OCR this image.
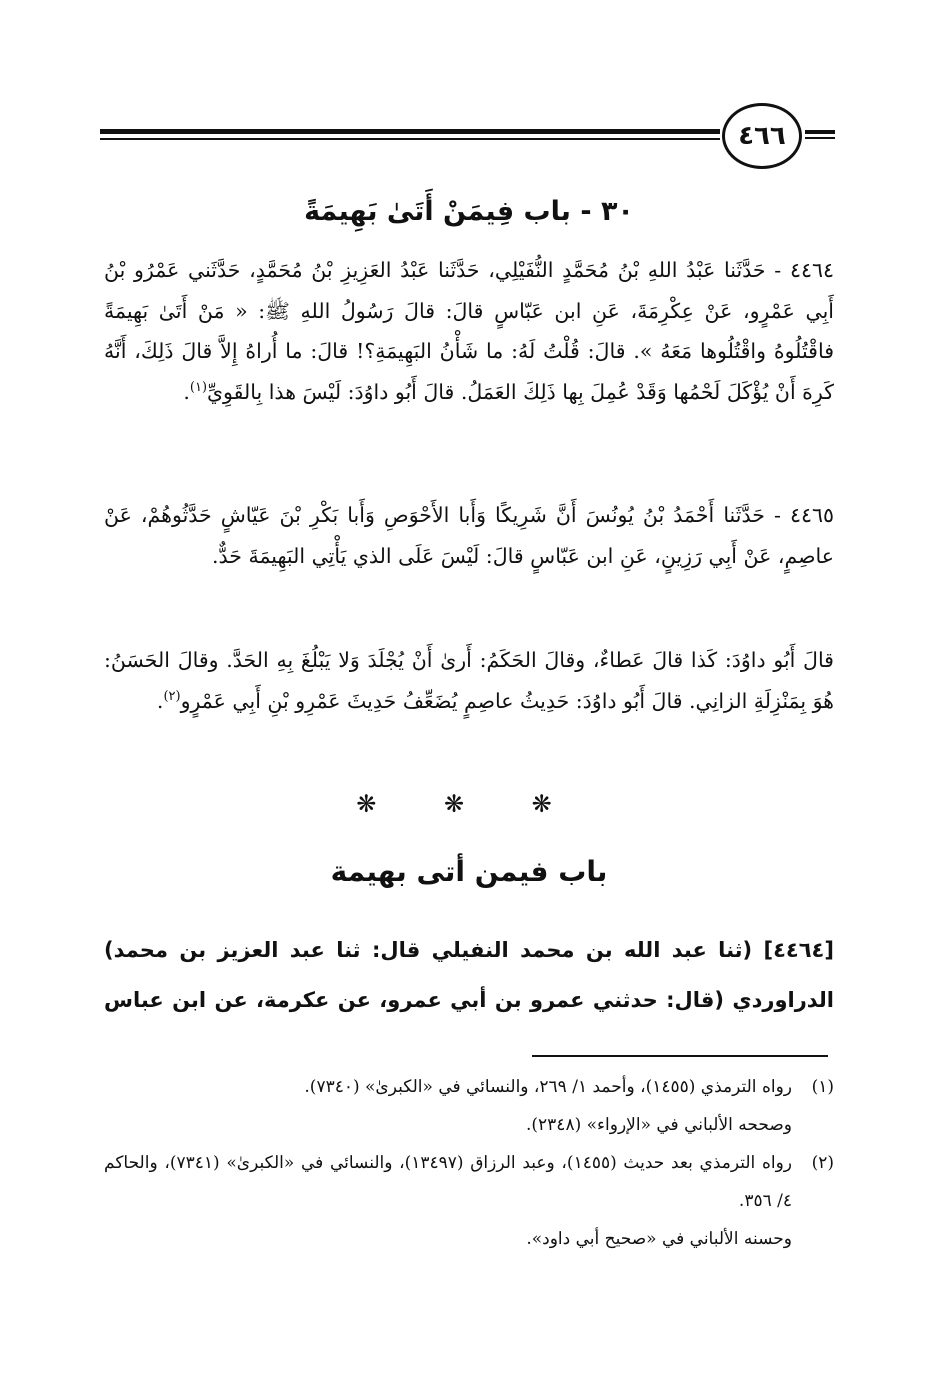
٤٦٦
٣٠ - باب فِيمَنْ أَتَىٰ بَهِيمَةً
٤٤٦٤ - حَدَّثَنا عَبْدُ اللهِ بْنُ مُحَمَّدٍ النُّفَيْلِي، حَدَّثَنا عَبْدُ العَزِيزِ بْنُ مُحَمَّدٍ، حَدَّثَني عَمْرُو بْنُ أَبِي عَمْرٍو، عَنْ عِكْرِمَةَ، عَنِ ابن عَبّاسٍ قالَ: قالَ رَسُولُ اللهِ ﷺ: « مَنْ أَتَىٰ بَهِيمَةً فاقْتُلُوهُ واقْتُلُوها مَعَهُ ». قالَ: قُلْتُ لَهُ: ما شَأْنُ البَهِيمَةِ؟! قالَ: ما أُراهُ إِلاَّ قالَ ذَلِكَ، أَنَّهُ كَرِهَ أَنْ يُؤْكَلَ لَحْمُها وَقَدْ عُمِلَ بِها ذَلِكَ العَمَلُ. قالَ أَبُو داوُدَ: لَيْسَ هذا بِالقَوِيِّ$^{(١)}$.
٤٤٦٥ - حَدَّثَنا أَحْمَدُ بْنُ يُونُسَ أَنَّ شَرِيكًا وَأَبا الأَحْوَصِ وَأَبا بَكْرِ بْنَ عَيّاشٍ حَدَّثُوهُمْ، عَنْ عاصِمٍ، عَنْ أَبِي رَزِينٍ، عَنِ ابن عَبّاسٍ قالَ: لَيْسَ عَلَى الذي يَأْتِي البَهِيمَةَ حَدٌّ.
قالَ أَبُو داوُدَ: كَذا قالَ عَطاءٌ، وقالَ الحَكَمُ: أَرىٰ أَنْ يُجْلَدَ وَلا يَبْلُغَ بِهِ الحَدَّ. وقالَ الحَسَنُ: هُوَ بِمَنْزِلَةِ الزانِي. قالَ أَبُو داوُدَ: حَدِيثُ عاصِمٍ يُضَعِّفُ حَدِيثَ عَمْرِو بْنِ أَبِي عَمْرٍو$^{(٢)}$.
❋ ❋ ❋
باب فيمن أتى بهيمة
[٤٤٦٤] (ثنا عبد الله بن محمد النفيلي قال: ثنا عبد العزيز بن محمد)
الدراوردي (قال: حدثني عمرو بن أبي عمرو، عن عكرمة، عن ابن عباس
(١)
رواه الترمذي (١٤٥٥)، وأحمد ١/ ٢٦٩، والنسائي في «الكبرىٰ» (٧٣٤٠).
وصححه الألباني في «الإرواء» (٢٣٤٨).
(٢)
رواه الترمذي بعد حديث (١٤٥٥)، وعبد الرزاق (١٣٤٩٧)، والنسائي في «الكبرىٰ» (٧٣٤١)، والحاكم ٤/ ٣٥٦.
وحسنه الألباني في «صحيح أبي داود».
